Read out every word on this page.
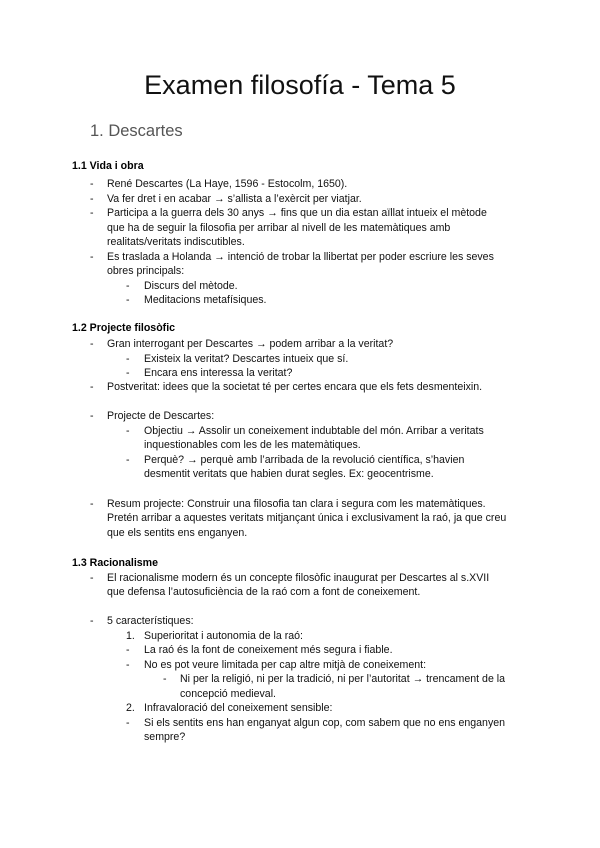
Examen filosofía - Tema 5
1. Descartes
1.1 Vida i obra
- René Descartes (La Haye, 1596 - Estocolm, 1650).
- Va fer dret i en acabar → s’allista a l’exèrcit per viatjar.
- Participa a la guerra dels 30 anys → fins que un dia estan aïllat intueix el mètode
que ha de seguir la filosofia per arribar al nivell de les matemàtiques amb
realitats/veritats indiscutibles.
- Es traslada a Holanda → intenció de trobar la llibertat per poder escriure les seves
obres principals:
- Discurs del mètode.
- Meditacions metafísiques.
1.2 Projecte filosòfic
- Gran interrogant per Descartes → podem arribar a la veritat?
- Existeix la veritat? Descartes intueix que sí.
- Encara ens interessa la veritat?
- Postveritat: idees que la societat té per certes encara que els fets desmenteixin.
- Projecte de Descartes:
- Objectiu → Assolir un coneixement indubtable del món. Arribar a veritats
inquestionables com les de les matemàtiques.
- Perquè? → perquè amb l’arribada de la revolució científica, s’havien
desmentit veritats que habien durat segles. Ex: geocentrisme.
- Resum projecte: Construir una filosofia tan clara i segura com les matemàtiques.
Pretén arribar a aquestes veritats mitjançant única i exclusivament la raó, ja que creu
que els sentits ens enganyen.
1.3 Racionalisme
- El racionalisme modern és un concepte filosòfic inaugurat per Descartes al s.XVII
que defensa l’autosuficiència de la raó com a font de coneixement.
- 5 característiques:
1. Superioritat i autonomia de la raó:
- La raó és la font de coneixement més segura i fiable.
- No es pot veure limitada per cap altre mitjà de coneixement:
- Ni per la religió, ni per la tradició, ni per l’autoritat → trencament de la
concepció medieval.
2. Infravaloració del coneixement sensible:
- Si els sentits ens han enganyat algun cop, com sabem que no ens enganyen
sempre?
